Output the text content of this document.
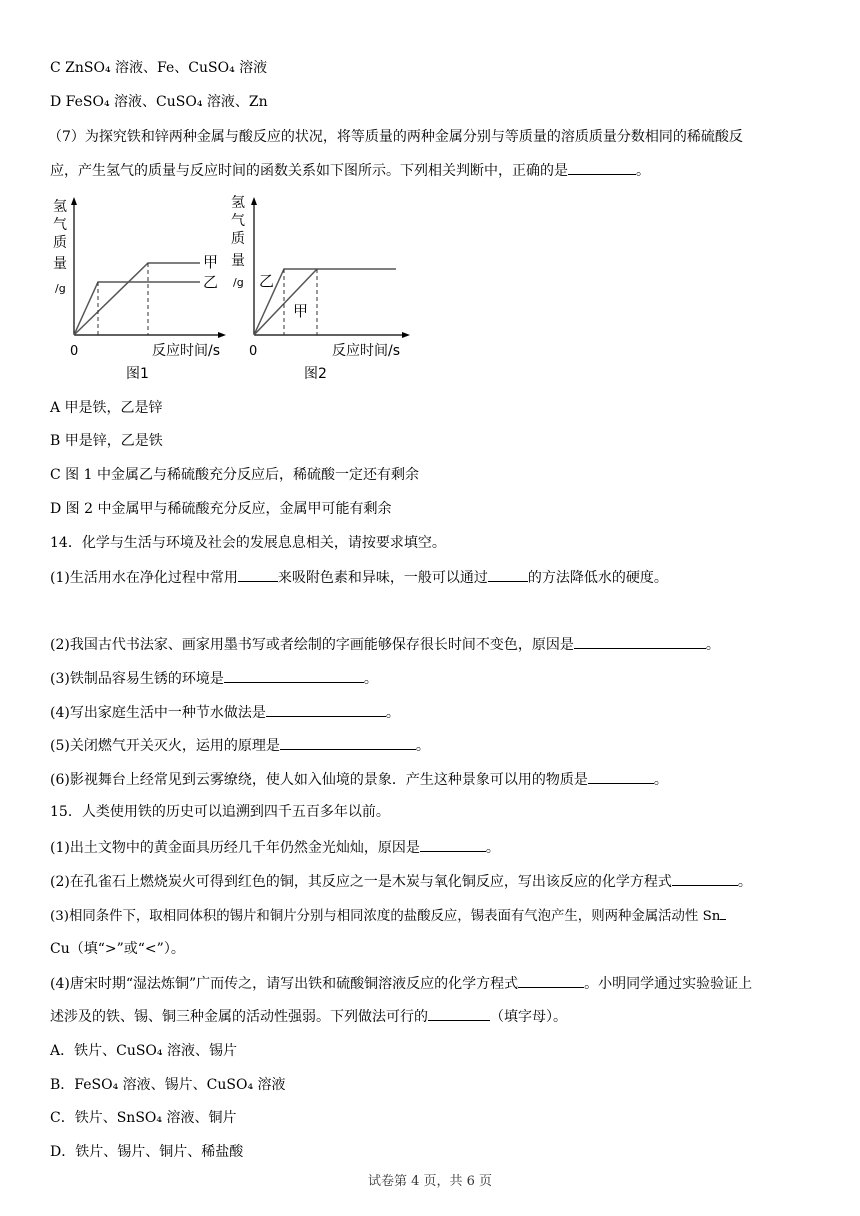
C ZnSO₄ 溶液、Fe、CuSO₄ 溶液
D FeSO₄ 溶液、CuSO₄ 溶液、Zn
（7）为探究铁和锌两种金属与酸反应的状况，将等质量的两种金属分别与等质量的溶质质量分数相同的稀硫酸反
应，产生氢气的质量与反应时间的函数关系如下图所示。下列相关判断中，正确的是	。
氢
气
质
量
/g
甲
乙
0	反应时间/s
图1
氢
气
质
量
/g 乙
甲
0	反应时间/s
图2
A 甲是铁，乙是锌
B 甲是锌，乙是铁
C 图 1 中金属乙与稀硫酸充分反应后，稀硫酸一定还有剩余
D 图 2 中金属甲与稀硫酸充分反应，金属甲可能有剩余
14．化学与生活与环境及社会的发展息息相关，请按要求填空。
(1)生活用水在净化过程中常用	来吸附色素和异味，一般可以通过	的方法降低水的硬度。
(2)我国古代书法家、画家用墨书写或者绘制的字画能够保存很长时间不变色，原因是	。
(3)铁制品容易生锈的环境是	。
(4)写出家庭生活中一种节水做法是	。
(5)关闭燃气开关灭火，运用的原理是	。
(6)影视舞台上经常见到云雾缭绕，使人如入仙境的景象．产生这种景象可以用的物质是	。
15．人类使用铁的历史可以追溯到四千五百多年以前。
(1)出土文物中的黄金面具历经几千年仍然金光灿灿，原因是	。
(2)在孔雀石上燃烧炭火可得到红色的铜，其反应之一是木炭与氧化铜反应，写出该反应的化学方程式	。
(3)相同条件下，取相同体积的锡片和铜片分别与相同浓度的盐酸反应，锡表面有气泡产生，则两种金属活动性 Sn
Cu（填“>”或“<”）。
(4)唐宋时期“湿法炼铜”广而传之，请写出铁和硫酸铜溶液反应的化学方程式	。小明同学通过实验验证上
述涉及的铁、锡、铜三种金属的活动性强弱。下列做法可行的	（填字母）。
A．铁片、CuSO₄ 溶液、锡片
B．FeSO₄ 溶液、锡片、CuSO₄ 溶液
C．铁片、SnSO₄ 溶液、铜片
D．铁片、锡片、铜片、稀盐酸
试卷第 4 页，共 6 页
